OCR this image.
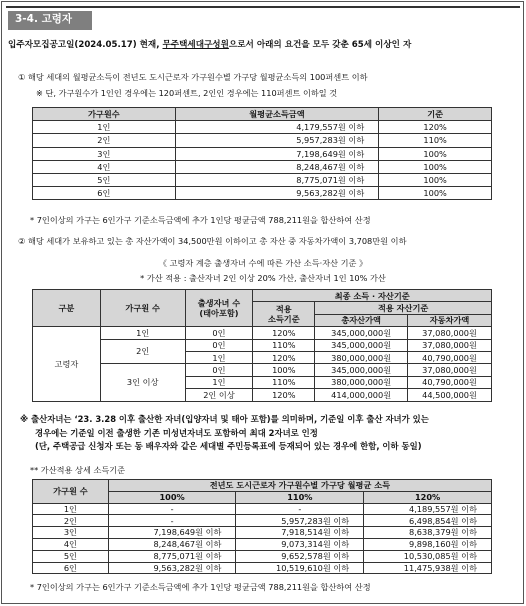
3-4. 고령자
입주자모집공고일(2024.05.17) 현재, 무주택세대구성원으로서 아래의 요건을 모두 갖춘 65세 이상인 자
① 해당 세대의 월평균소득이 전년도 도시근로자 가구원수별 가구당 월평균소득의 100퍼센트 이하
※ 단, 가구원수가 1인인 경우에는 120퍼센트, 2인인 경우에는 110퍼센트 이하일 것
가구원수	월평균소득금액	기준
1인	4,179,557원 이하	120%
2인	5,957,283원 이하	110%
3인	7,198,649원 이하	100%
4인	8,248,467원 이하	100%
5인	8,775,071원 이하	100%
6인	9,563,282원 이하	100%
* 7인이상의 가구는 6인가구 기준소득금액에 추가 1인당 평균금액 788,211원을 합산하여 산정
② 해당 세대가 보유하고 있는 총 자산가액이 34,500만원 이하이고 총 자산 중 자동차가액이 3,708만원 이하
《 고령자 계층 출생자녀 수에 따른 가산 소득·자산 기준 》
* 가산 적용 : 출산자녀 2인 이상 20% 가산, 출산자녀 1인 10% 가산
구분	가구원 수	출생자녀 수
(태아포함)	최종 소득 · 자산기준		
			적용
소득기준	적용 자산기준	
				총자산가액	자동차가액
고령자	1인	0인	120%	345,000,000원	37,080,000원
	2인	0인	110%	345,000,000원	37,080,000원
		1인	120%	380,000,000원	40,790,000원
	3인 이상	0인	100%	345,000,000원	37,080,000원
		1인	110%	380,000,000원	40,790,000원
		2인 이상	120%	414,000,000원	44,500,000원
※ 출산자녀는 ‘23. 3.28 이후 출산한 자녀(입양자녀 및 태아 포함)를 의미하며, 기준일 이후 출산 자녀가 있는
경우에는 기준일 이전 출생한 기존 미성년자녀도 포함하여 최대 2자녀로 인정
(단, 주택공급 신청자 또는 동 배우자와 같은 세대별 주민등록표에 등재되어 있는 경우에 한함, 이하 동일)
** 가산적용 상세 소득기준
가구원 수	전년도 도시근로자 가구원수별 가구당 월평균 소득		
	100%	110%	120%
1인	-	-	4,189,557원 이하
2인	-	5,957,283원 이하	6,498,854원 이하
3인	7,198,649원 이하	7,918,514원 이하	8,638,379원 이하
4인	8,248,467원 이하	9,073,314원 이하	9,898,160원 이하
5인	8,775,071원 이하	9,652,578원 이하	10,530,085원 이하
6인	9,563,282원 이하	10,519,610원 이하	11,475,938원 이하
* 7인이상의 가구는 6인가구 기준소득금액에 추가 1인당 평균금액 788,211원을 합산하여 산정
